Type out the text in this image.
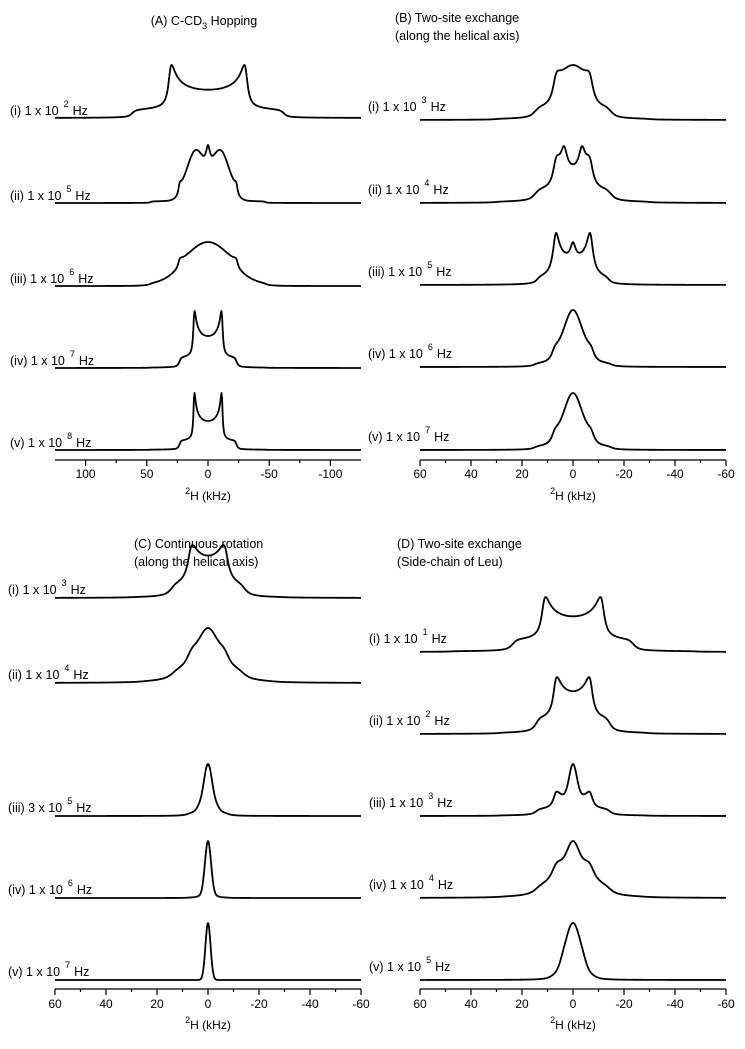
(A) $C-CD_3$ Hopping
(i) 1 x 10 $^2$ Hz
(ii) 1 x 10 $^5$ Hz
(iii) 1 x 10 $^6$ Hz
(iv) 1 x 10 $^7$ Hz
(v) 1 x 10 $^8$ Hz
100	50	0	-50	-100
$^2$H (kHz)
(B) Two-site exchange
(along the helical axis)
(i) 1 x 10 $^3$ Hz
(ii) 1 x 10 $^4$ Hz
(iii) 1 x 10 $^5$ Hz
(iv) 1 x 10 $^6$ Hz
(v) 1 x 10 $^7$ Hz
60	40	20	0	-20	-40	-60
$^2$H (kHz)
(C) Continuous rotation
(along the helical axis)
(i) 1 x 10 $^3$ Hz
(ii) 1 x 10 $^4$ Hz
(iii) 3 x 10 $^5$ Hz
(iv) 1 x 10 $^6$ Hz
(v) 1 x 10 $^7$ Hz
60	40	20	0	-20	-40	-60
$^2$H (kHz)
(D) Two-site exchange
(Side-chain of Leu)
(i) 1 x 10 $^1$ Hz
(ii) 1 x 10 $^2$ Hz
(iii) 1 x 10 $^3$ Hz
(iv) 1 x 10 $^4$ Hz
(v) 1 x 10 $^5$ Hz
60	40	20	0	-20	-40	-60
$^2$H (kHz)
